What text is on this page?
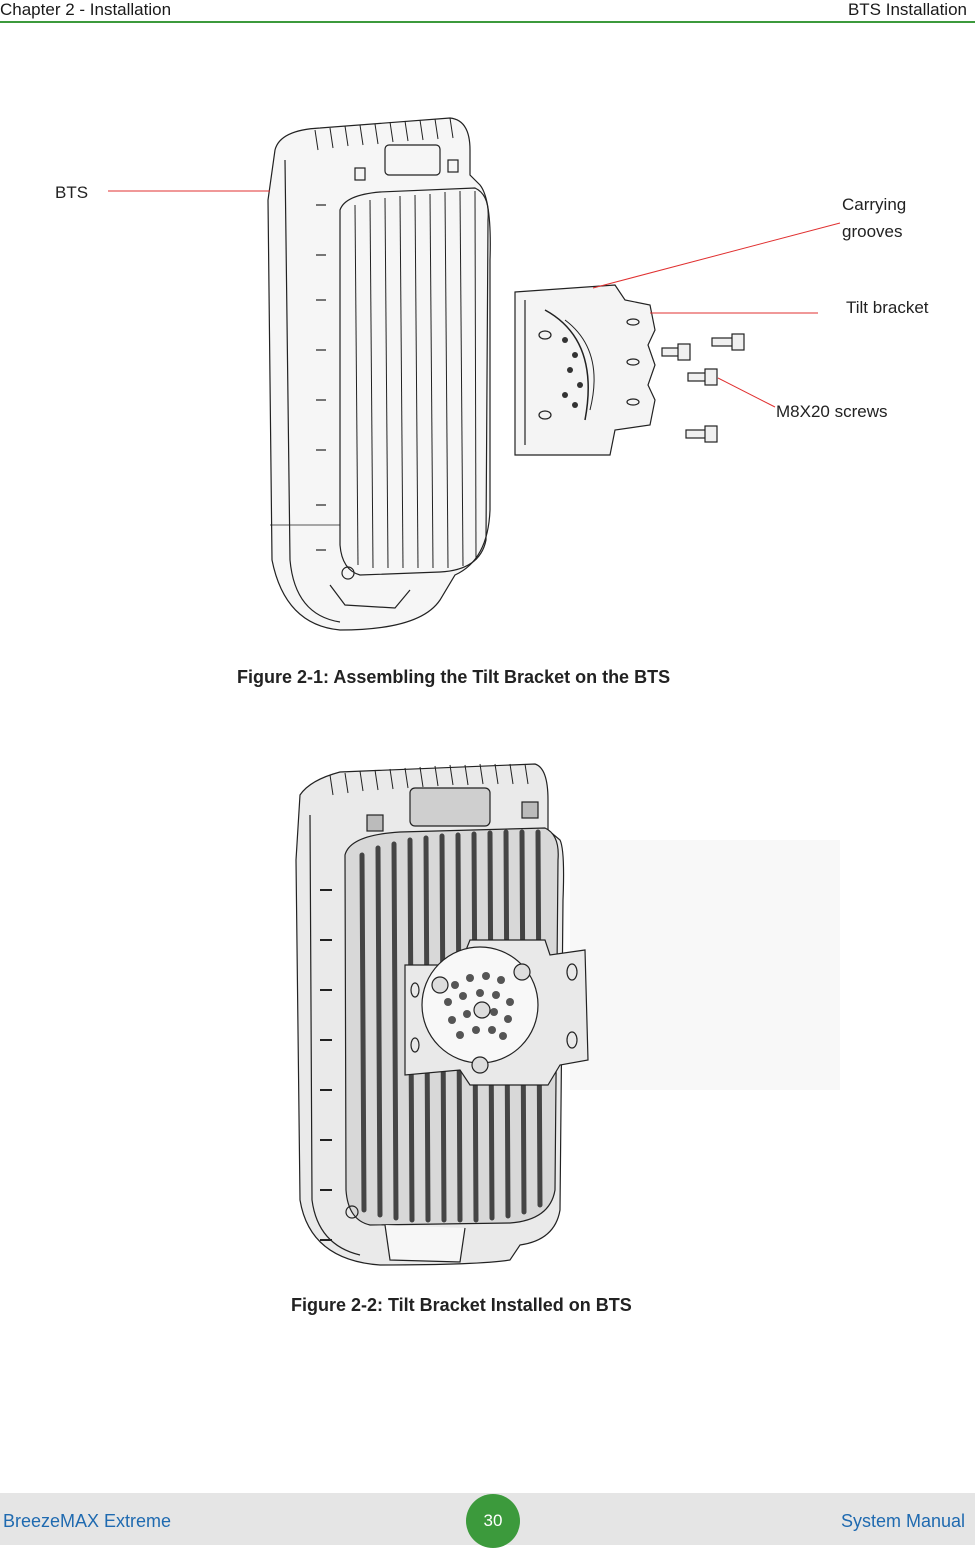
Chapter 2 - Installation	BTS Installation
BTS
Carrying
grooves
Tilt bracket
M8X20 screws
Figure 2-1: Assembling the Tilt Bracket on the BTS
Figure 2-2: Tilt Bracket Installed on BTS
BreezeMAX Extreme	30	System Manual
